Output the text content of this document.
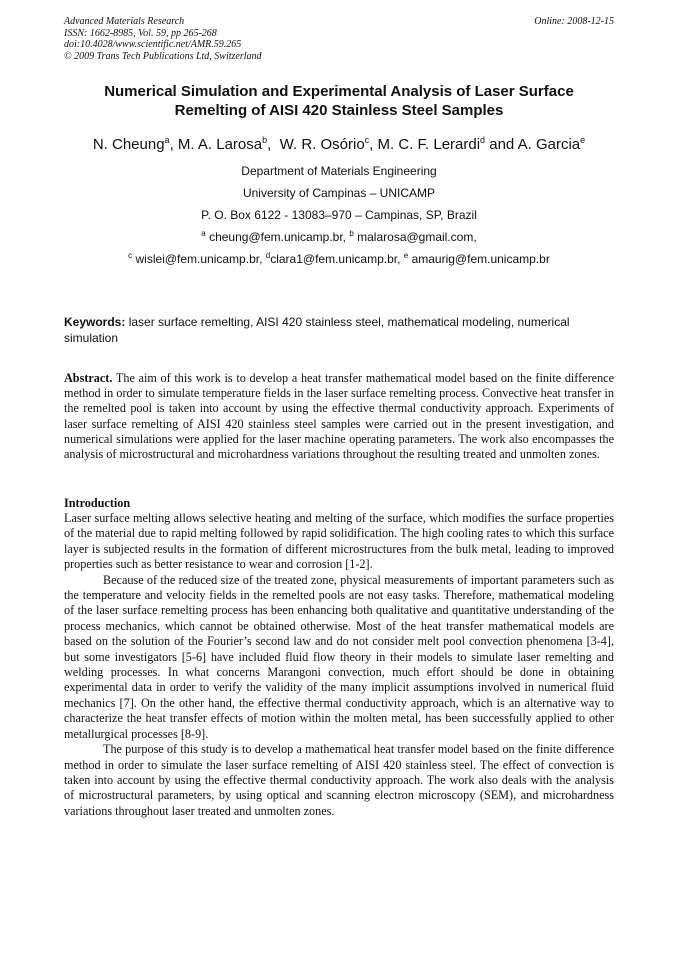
Advanced Materials Research
ISSN: 1662-8985, Vol. 59, pp 265-268
doi:10.4028/www.scientific.net/AMR.59.265
© 2009 Trans Tech Publications Ltd, Switzerland
Online: 2008-12-15
Numerical Simulation and Experimental Analysis of Laser Surface
Remelting of AISI 420 Stainless Steel Samples
N. Cheung$^a$, M. A. Larosa$^b$,  W. R. Osório$^c$, M. C. F. Lerardi$^d$ and A. Garcia$^e$
Department of Materials Engineering
University of Campinas – UNICAMP
P. O. Box 6122 - 13083–970 – Campinas, SP, Brazil
$^a$ cheung@fem.unicamp.br, $^b$ malarosa@gmail.com,
$^c$ wislei@fem.unicamp.br, $^d$clara1@fem.unicamp.br, $^e$ amaurig@fem.unicamp.br
Keywords: laser surface remelting, AISI 420 stainless steel, mathematical modeling, numerical simulation

Abstract. The aim of this work is to develop a heat transfer mathematical model based on the finite difference method in order to simulate temperature fields in the laser surface remelting process. Convective heat transfer in the remelted pool is taken into account by using the effective thermal conductivity approach. Experiments of laser surface remelting of AISI 420 stainless steel samples were carried out in the present investigation, and numerical simulations were applied for the laser machine operating parameters. The work also encompasses the analysis of microstructural and microhardness variations throughout the resulting treated and unmolten zones.

Introduction

Laser surface melting allows selective heating and melting of the surface, which modifies the surface properties of the material due to rapid melting followed by rapid solidification. The high cooling rates to which this surface layer is subjected results in the formation of different microstructures from the bulk metal, leading to improved properties such as better resistance to wear and corrosion [1-2].

Because of the reduced size of the treated zone, physical measurements of important parameters such as the temperature and velocity fields in the remelted pools are not easy tasks. Therefore, mathematical modeling of the laser surface remelting process has been enhancing both qualitative and quantitative understanding of the process mechanics, which cannot be obtained otherwise. Most of the heat transfer mathematical models are based on the solution of the Fourier’s second law and do not consider melt pool convection phenomena [3-4], but some investigators [5-6] have included fluid flow theory in their models to simulate laser remelting and welding processes. In what concerns Marangoni convection, much effort should be done in obtaining experimental data in order to verify the validity of the many implicit assumptions involved in numerical fluid mechanics [7]. On the other hand, the effective thermal conductivity approach, which is an alternative way to characterize the heat transfer effects of motion within the molten metal, has been successfully applied to other metallurgical processes [8-9].

The purpose of this study is to develop a mathematical heat transfer model based on the finite difference method in order to simulate the laser surface remelting of AISI 420 stainless steel. The effect of convection is taken into account by using the effective thermal conductivity approach. The work also deals with the analysis of microstructural parameters, by using optical and scanning electron microscopy (SEM), and microhardness variations throughout laser treated and unmolten zones.
